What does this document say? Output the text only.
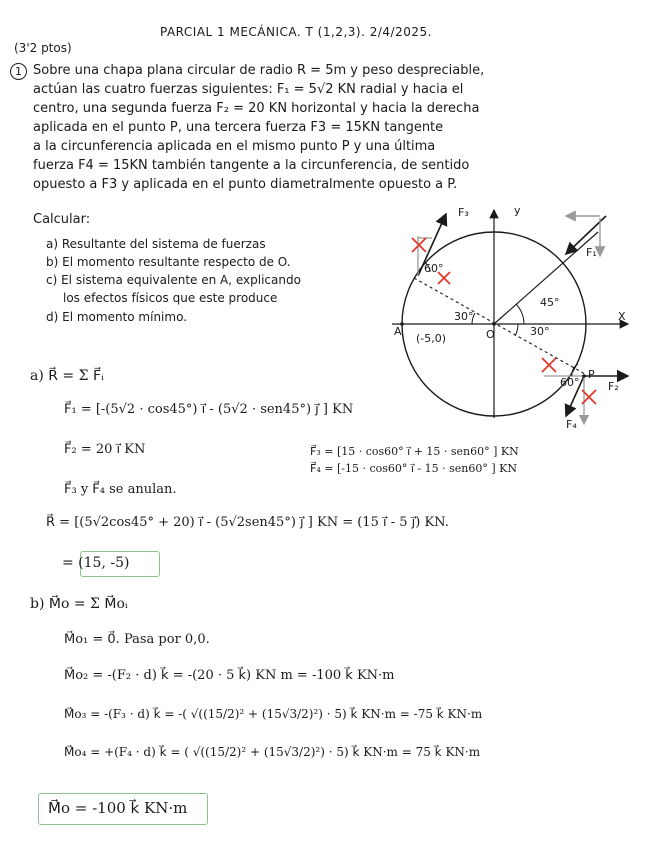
PARCIAL 1 MECÁNICA. T (1,2,3). 2/4/2025.
(3'2 ptos)
1 Sobre una chapa plana circular de radio R = 5m y peso despreciable,
actúan las cuatro fuerzas siguientes: F₁ = 5√2 KN radial y hacia el
centro, una segunda fuerza F₂ = 20 KN horizontal y hacia la derecha
aplicada en el punto P, una tercera fuerza F3 = 15KN tangente
a la circunferencia aplicada en el mismo punto P y una última
fuerza F4 = 15KN también tangente a la circunferencia, de sentido
opuesto a F3 y aplicada en el punto diametralmente opuesto a P.
Calcular:
a) Resultante del sistema de fuerzas
b) El momento resultante respecto de O.
c) El sistema equivalente en A, explicando
los efectos físicos que este produce
d) El momento mínimo.
y
X
O
A
(-5,0)
P
F₁
F₂
F₃
F₄
45°
30°
30°
60°
60°
a) R⃗ = Σ F⃗ᵢ
F⃗₁ = [-(5√2 · cos45°) i⃗ - (5√2 · sen45°) j⃗ ] KN
F⃗₂ = 20 i⃗ KN	F⃗₃ = [15 · cos60° i⃗ + 15 · sen60° ] KN
F⃗₄ = [-15 · cos60° i⃗ - 15 · sen60° ] KN
F⃗₃ y F⃗₄ se anulan.
R⃗ = [(5√2cos45° + 20) i⃗ - (5√2sen45°) j⃗ ] KN = (15 i⃗ - 5 j⃗) KN.
= (15, -5)
b) M⃗o = Σ M⃗oᵢ
M⃗o₁ = 0⃗. Pasa por 0,0.
M⃗o₂ = -(F₂ · d) k⃗ = -(20 · 5 k⃗) KN m = -100 k⃗ KN·m
M⃗o₃ = -(F₃ · d) k⃗ = -( √((15/2)² + (15√3/2)²) · 5) k⃗ KN·m = -75 k⃗ KN·m
M⃗o₄ = +(F₄ · d) k⃗ = ( √((15/2)² + (15√3/2)²) · 5) k⃗ KN·m = 75 k⃗ KN·m
M⃗o = -100 k⃗ KN·m
